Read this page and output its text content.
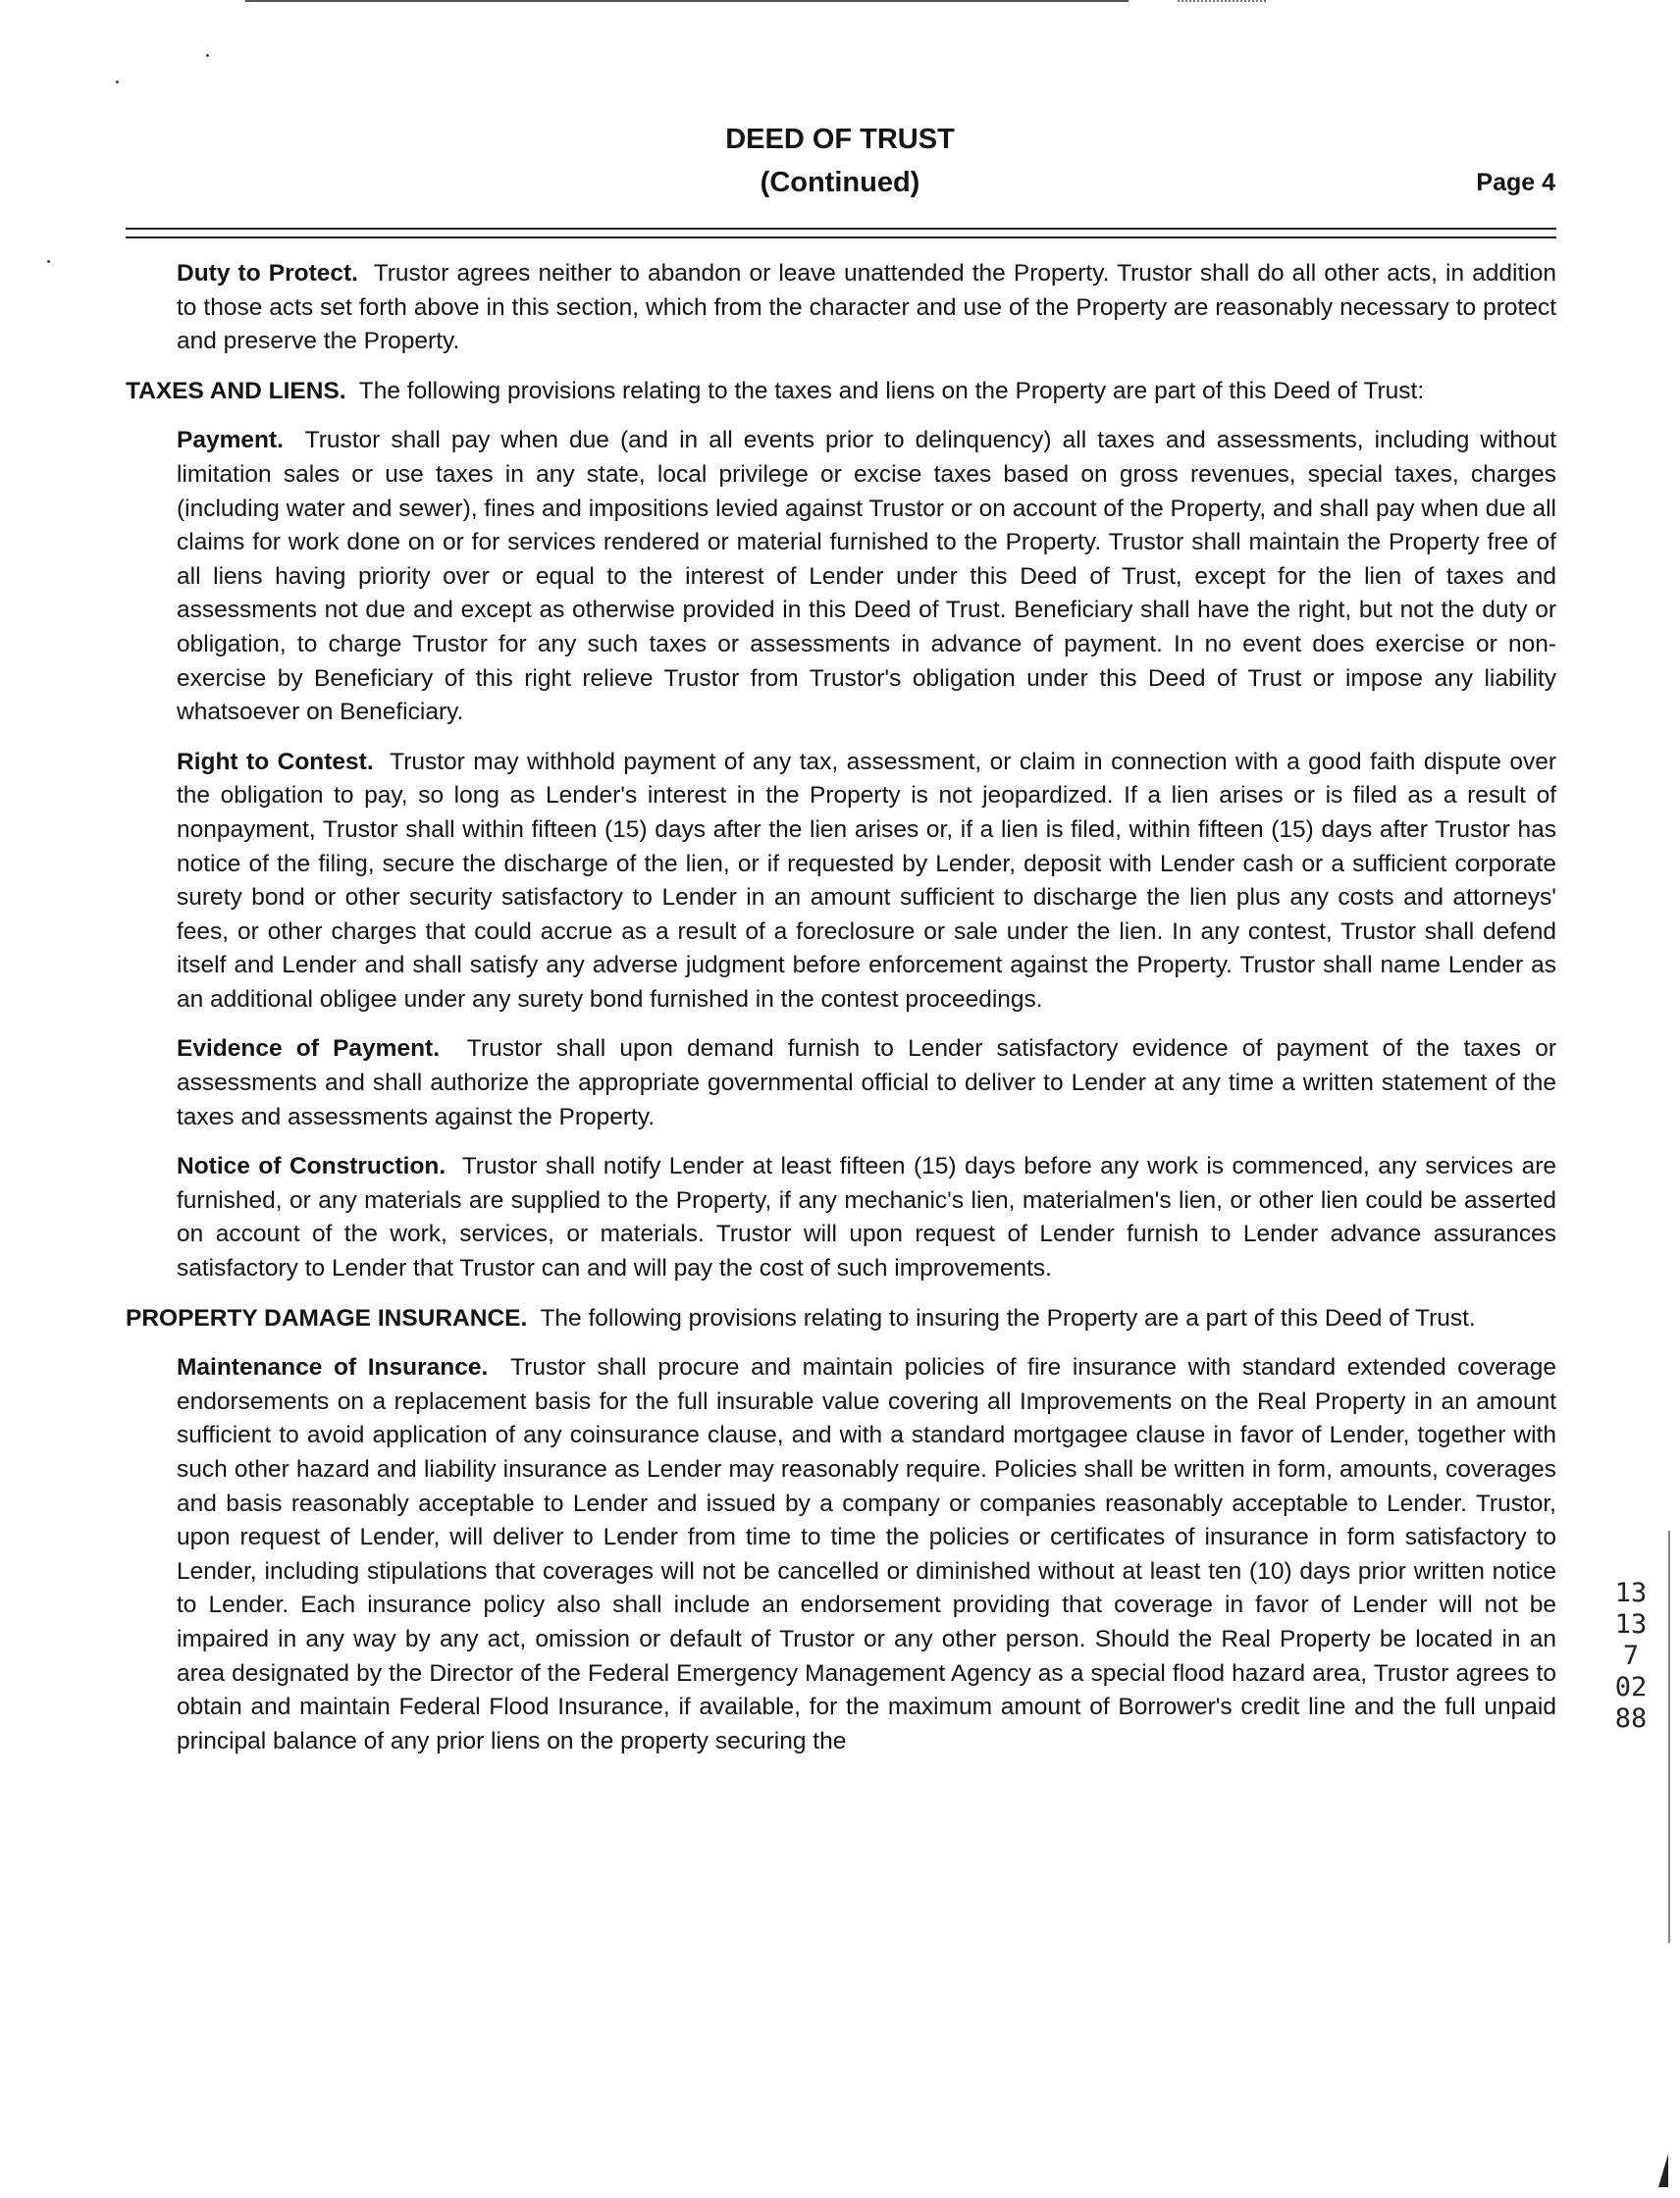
DEED OF TRUST
(Continued)	Page 4

Duty to Protect. Trustor agrees neither to abandon or leave unattended the Property. Trustor shall do all other acts, in addition to those acts set forth above in this section, which from the character and use of the Property are reasonably necessary to protect and preserve the Property.

TAXES AND LIENS. The following provisions relating to the taxes and liens on the Property are part of this Deed of Trust:

Payment. Trustor shall pay when due (and in all events prior to delinquency) all taxes and assessments, including without limitation sales or use taxes in any state, local privilege or excise taxes based on gross revenues, special taxes, charges (including water and sewer), fines and impositions levied against Trustor or on account of the Property, and shall pay when due all claims for work done on or for services rendered or material furnished to the Property. Trustor shall maintain the Property free of all liens having priority over or equal to the interest of Lender under this Deed of Trust, except for the lien of taxes and assessments not due and except as otherwise provided in this Deed of Trust. Beneficiary shall have the right, but not the duty or obligation, to charge Trustor for any such taxes or assessments in advance of payment. In no event does exercise or non-exercise by Beneficiary of this right relieve Trustor from Trustor's obligation under this Deed of Trust or impose any liability whatsoever on Beneficiary.

Right to Contest. Trustor may withhold payment of any tax, assessment, or claim in connection with a good faith dispute over the obligation to pay, so long as Lender's interest in the Property is not jeopardized. If a lien arises or is filed as a result of nonpayment, Trustor shall within fifteen (15) days after the lien arises or, if a lien is filed, within fifteen (15) days after Trustor has notice of the filing, secure the discharge of the lien, or if requested by Lender, deposit with Lender cash or a sufficient corporate surety bond or other security satisfactory to Lender in an amount sufficient to discharge the lien plus any costs and attorneys' fees, or other charges that could accrue as a result of a foreclosure or sale under the lien. In any contest, Trustor shall defend itself and Lender and shall satisfy any adverse judgment before enforcement against the Property. Trustor shall name Lender as an additional obligee under any surety bond furnished in the contest proceedings.

Evidence of Payment. Trustor shall upon demand furnish to Lender satisfactory evidence of payment of the taxes or assessments and shall authorize the appropriate governmental official to deliver to Lender at any time a written statement of the taxes and assessments against the Property.

Notice of Construction. Trustor shall notify Lender at least fifteen (15) days before any work is commenced, any services are furnished, or any materials are supplied to the Property, if any mechanic's lien, materialmen's lien, or other lien could be asserted on account of the work, services, or materials. Trustor will upon request of Lender furnish to Lender advance assurances satisfactory to Lender that Trustor can and will pay the cost of such improvements.

PROPERTY DAMAGE INSURANCE. The following provisions relating to insuring the Property are a part of this Deed of Trust.

Maintenance of Insurance. Trustor shall procure and maintain policies of fire insurance with standard extended coverage endorsements on a replacement basis for the full insurable value covering all Improvements on the Real Property in an amount sufficient to avoid application of any coinsurance clause, and with a standard mortgagee clause in favor of Lender, together with such other hazard and liability insurance as Lender may reasonably require. Policies shall be written in form, amounts, coverages and basis reasonably acceptable to Lender and issued by a company or companies reasonably acceptable to Lender. Trustor, upon request of Lender, will deliver to Lender from time to time the policies or certificates of insurance in form satisfactory to Lender, including stipulations that coverages will not be cancelled or diminished without at least ten (10) days prior written notice to Lender. Each insurance policy also shall include an endorsement providing that coverage in favor of Lender will not be impaired in any way by any act, omission or default of Trustor or any other person. Should the Real Property be located in an area designated by the Director of the Federal Emergency Management Agency as a special flood hazard area, Trustor agrees to obtain and maintain Federal Flood Insurance, if available, for the maximum amount of Borrower's credit line and the full unpaid principal balance of any prior liens on the property securing the

1313 7 0288
